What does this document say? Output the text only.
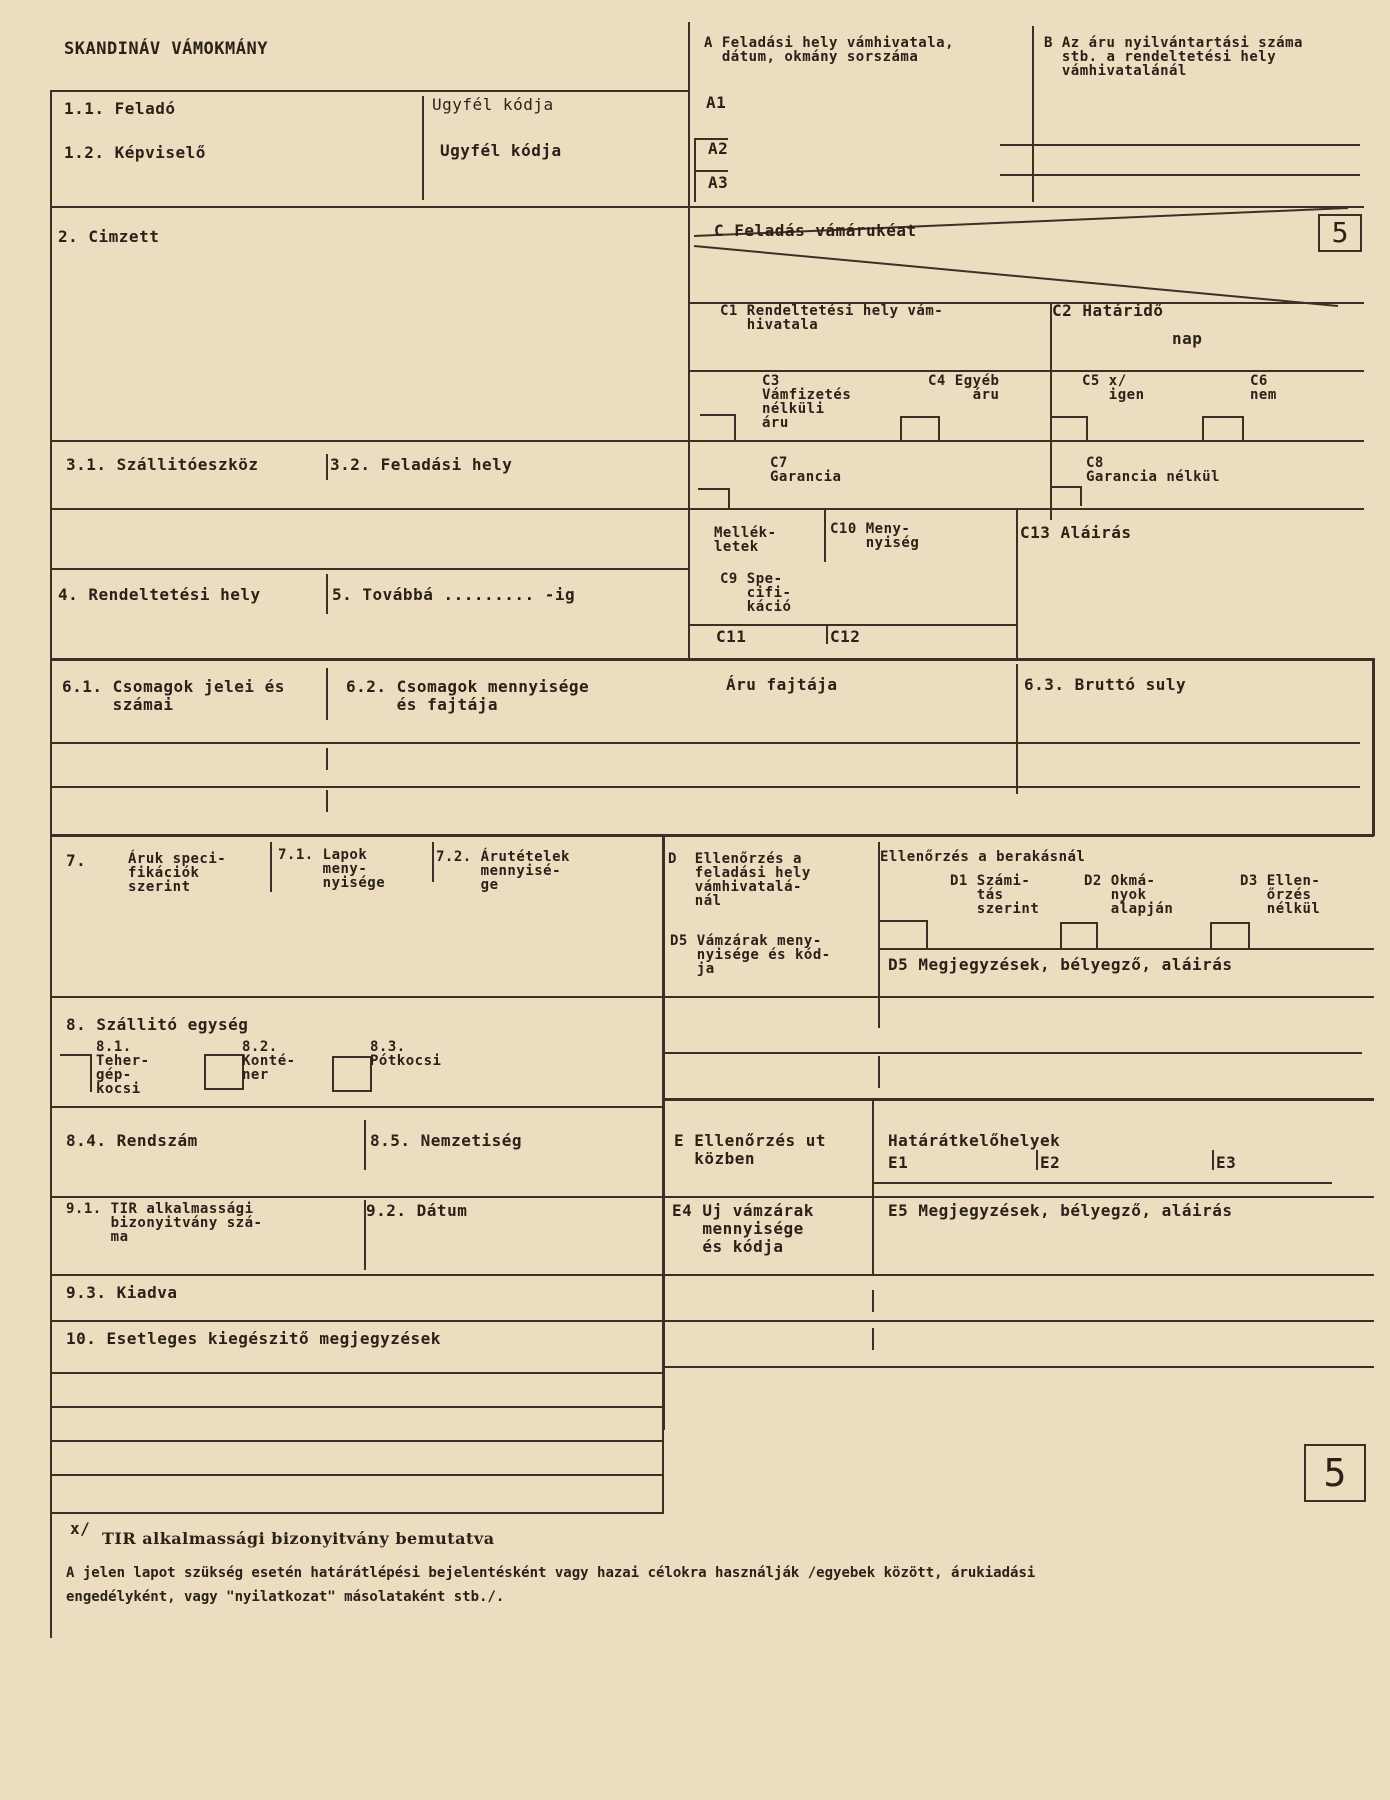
SKANDINÁV VÁMOKMÁNY
5
5
1.1. Feladó	Ugyfél kódja
1.2. Képviselő	Ugyfél kódja
2. Cimzett
3.1. Szállitóeszköz	3.2. Feladási hely
4. Rendeltetési hely	5. Továbbá ......... -ig
6.1. Csomagok jelei és
számai
6.2. Csomagok mennyisége
és fajtája
Áru fajtája	6.3. Bruttó suly
7.	Áruk speci-
fikációk
szerint
7.1. Lapok
meny-
nyisége
7.2. Árutételek
mennyisé-
ge
8. Szállitó egység
8.1.
Teher-
gép-
kocsi
8.2.
Konté-
ner
8.3.
Pótkocsi
8.4. Rendszám	8.5. Nemzetiség
9.1. TIR alkalmassági
bizonyitvány szá-
ma
9.2. Dátum
9.3. Kiadva
10. Esetleges kiegészitő megjegyzések
A Feladási hely vámhivatala,
dátum, okmány sorszáma
B Az áru nyilvántartási száma
stb. a rendeltetési hely
vámhivatalánál
A1
A2
A3
C Feladás vámárukéat
C1 Rendeltetési hely vám-
hivatala
C2 Határidő
nap
C3
Vámfizetés
nélküli
áru
C4 Egyéb
áru
C5 x/
igen
C6
nem
C7
Garancia
C8
Garancia nélkül
Mellék-
letek
C10 Meny-
nyiség
C13 Aláirás
C9 Spe-
cifi-
káció
C11	C12
D  Ellenőrzés a
feladási hely
vámhivatalá-
nál
D5 Vámzárak meny-
nyisége és kód-
ja
Ellenőrzés a berakásnál
D1 Számi-
tás
szerint
D2 Okmá-
nyok
alapján
D3 Ellen-
őrzés
nélkül
D5 Megjegyzések, bélyegző, aláirás
E Ellenőrzés ut
közben
Határátkelőhelyek
E1	E2	E3
E4 Uj vámzárak
mennyisége
és kódja
E5 Megjegyzések, bélyegző, aláirás
x/
TIR alkalmassági bizonyitvány bemutatva
A jelen lapot szükség esetén határátlépési bejelentésként vagy hazai célokra használják /egyebek között, árukiadási
engedélyként, vagy "nyilatkozat" másolataként stb./.
